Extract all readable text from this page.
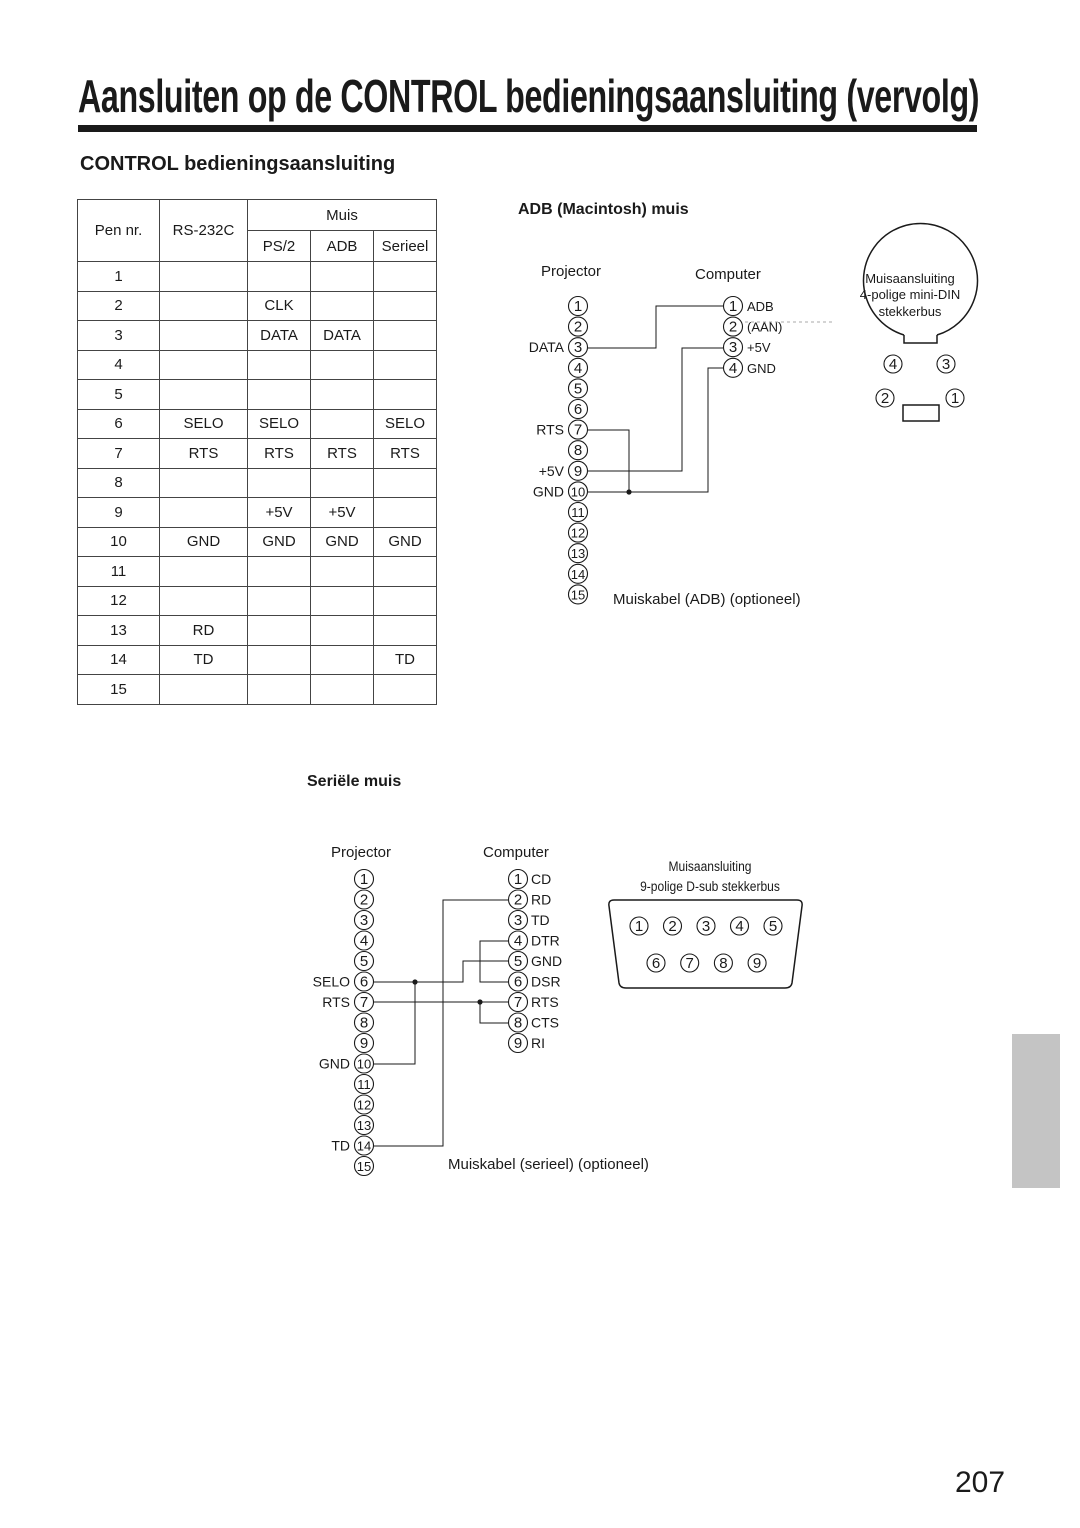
Aansluiten op de CONTROL bedieningsaansluiting (vervolg)
CONTROL bedieningsaansluiting
Pen nr.	RS-232C	Muis		
		PS/2	ADB	Serieel
1				
2		CLK		
3		DATA	DATA	
4				
5				
6	SELO	SELO		SELO
7	RTS	RTS	RTS	RTS
8				
9		+5V	+5V	
10	GND	GND	GND	GND
11				
12				
13	RD			
14	TD			TD
15				
ADB (Macintosh) muis
Projector	Computer
1
2
3
DATA
4
5
6
7
RTS
8
9
+5V
10
GND
11
12
13
14
15
1 ADB
2 (AAN)
3 +5V
4 GND
Muiskabel (ADB) (optioneel)
Muisaansluiting
4-polige mini-DIN
stekkerbus
4	3
2	1
Seriële muis
Projector	Computer
1
2
3
4
5
6
SELO
7
RTS
8
9
10
GND
11
12
13
14
TD
15
1 CD
2 RD
3 TD
4 DTR
5 GND
6 DSR
7 RTS
8 CTS
9 RI
Muiskabel (serieel) (optioneel)
Muisaansluiting
9-polige D-sub stekkerbus
1 2 3 4 5
6 7 8 9
207
